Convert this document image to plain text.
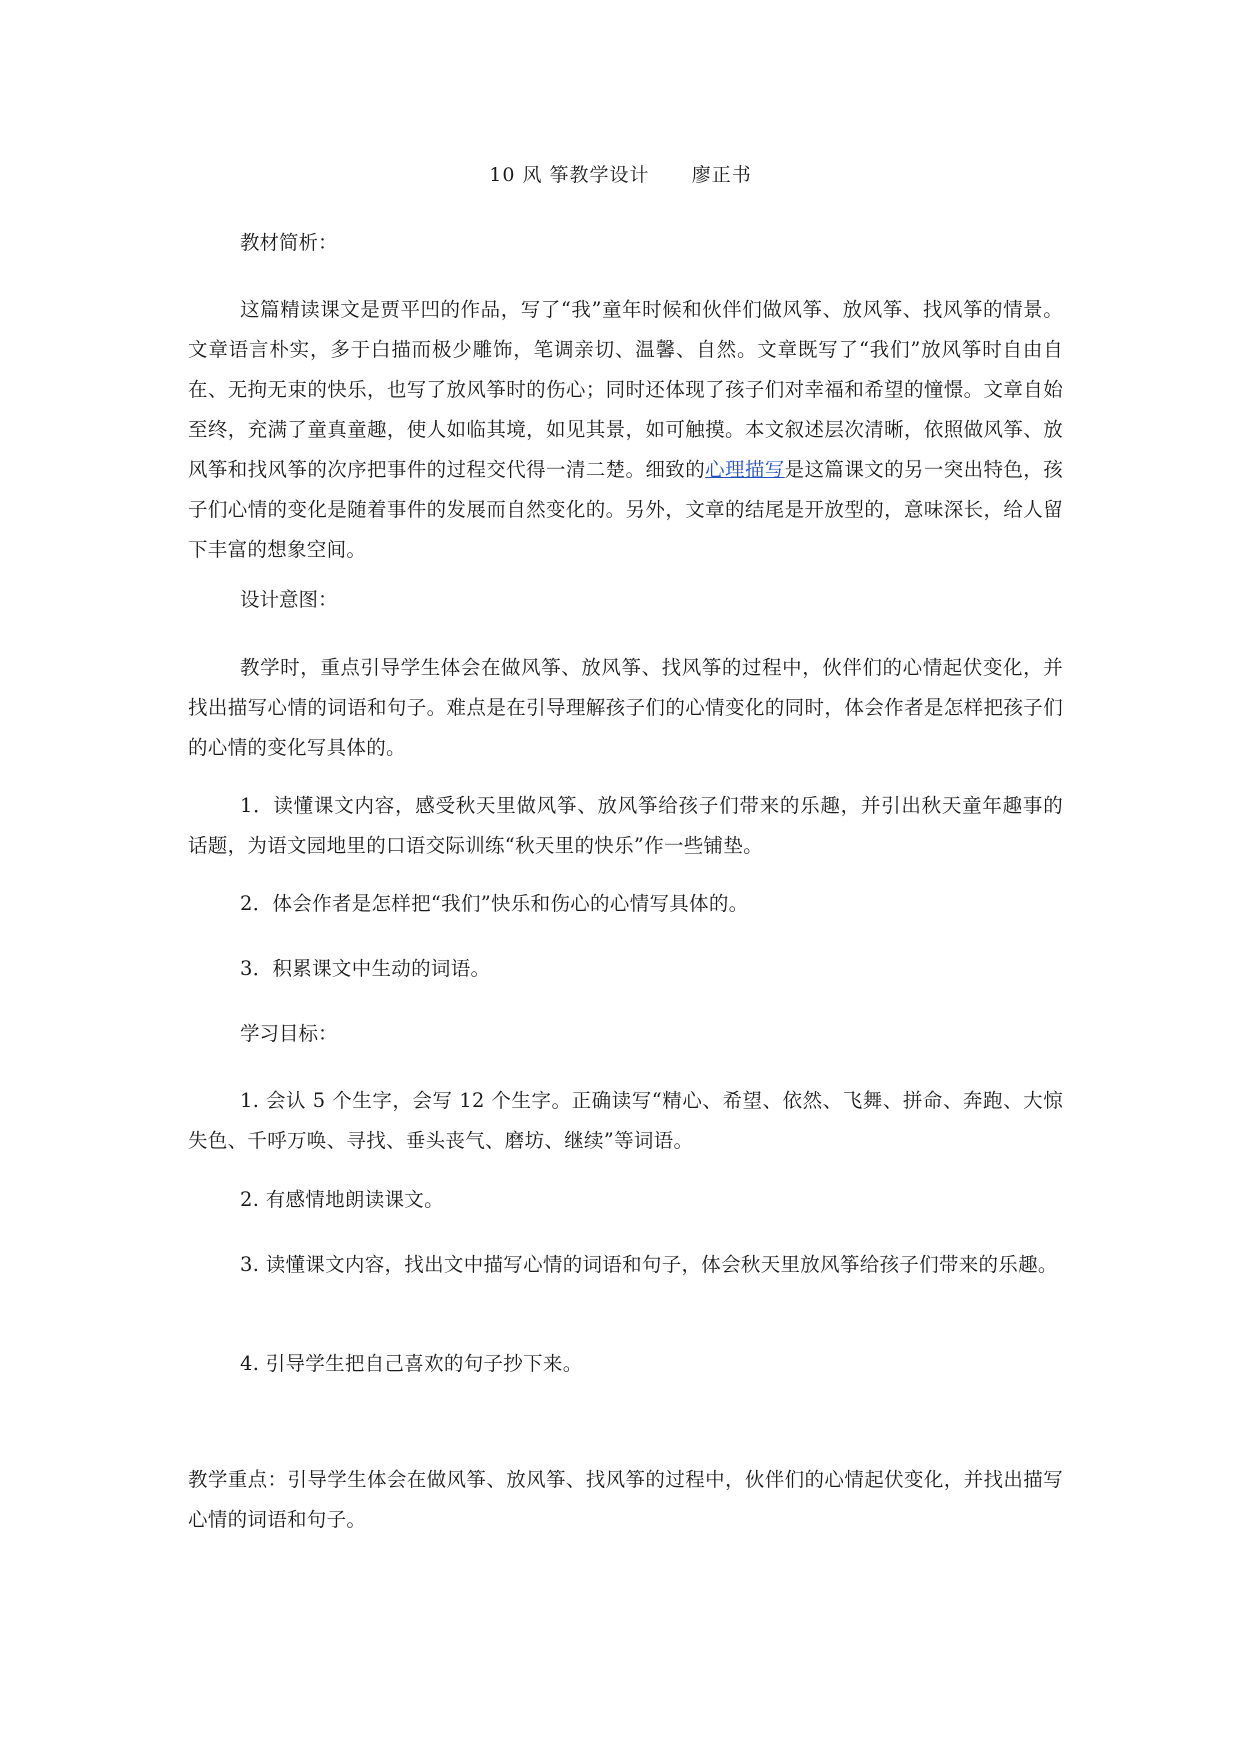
10 风 筝教学设计      廖正书
教材简析：
这篇精读课文是贾平凹的作品，写了“我”童年时候和伙伴们做风筝、放风筝、找风筝的情景。文章语言朴实，多于白描而极少雕饰，笔调亲切、温馨、自然。文章既写了“我们”放风筝时自由自在、无拘无束的快乐，也写了放风筝时的伤心；同时还体现了孩子们对幸福和希望的憧憬。文章自始至终，充满了童真童趣，使人如临其境，如见其景，如可触摸。本文叙述层次清晰，依照做风筝、放风筝和找风筝的次序把事件的过程交代得一清二楚。细致的心理描写是这篇课文的另一突出特色，孩子们心情的变化是随着事件的发展而自然变化的。另外，文章的结尾是开放型的，意味深长，给人留下丰富的想象空间。
设计意图：
教学时，重点引导学生体会在做风筝、放风筝、找风筝的过程中，伙伴们的心情起伏变化，并找出描写心情的词语和句子。难点是在引导理解孩子们的心情变化的同时，体会作者是怎样把孩子们的心情的变化写具体的。
1．读懂课文内容，感受秋天里做风筝、放风筝给孩子们带来的乐趣，并引出秋天童年趣事的话题，为语文园地里的口语交际训练“秋天里的快乐”作一些铺垫。
2．体会作者是怎样把“我们”快乐和伤心的心情写具体的。
3．积累课文中生动的词语。
学习目标：
1. 会认 5 个生字，会写 12 个生字。正确读写“精心、希望、依然、飞舞、拼命、奔跑、大惊失色、千呼万唤、寻找、垂头丧气、磨坊、继续”等词语。
2. 有感情地朗读课文。
3. 读懂课文内容，找出文中描写心情的词语和句子，体会秋天里放风筝给孩子们带来的乐趣。
4. 引导学生把自己喜欢的句子抄下来。
教学重点：引导学生体会在做风筝、放风筝、找风筝的过程中，伙伴们的心情起伏变化，并找出描写心情的词语和句子。
